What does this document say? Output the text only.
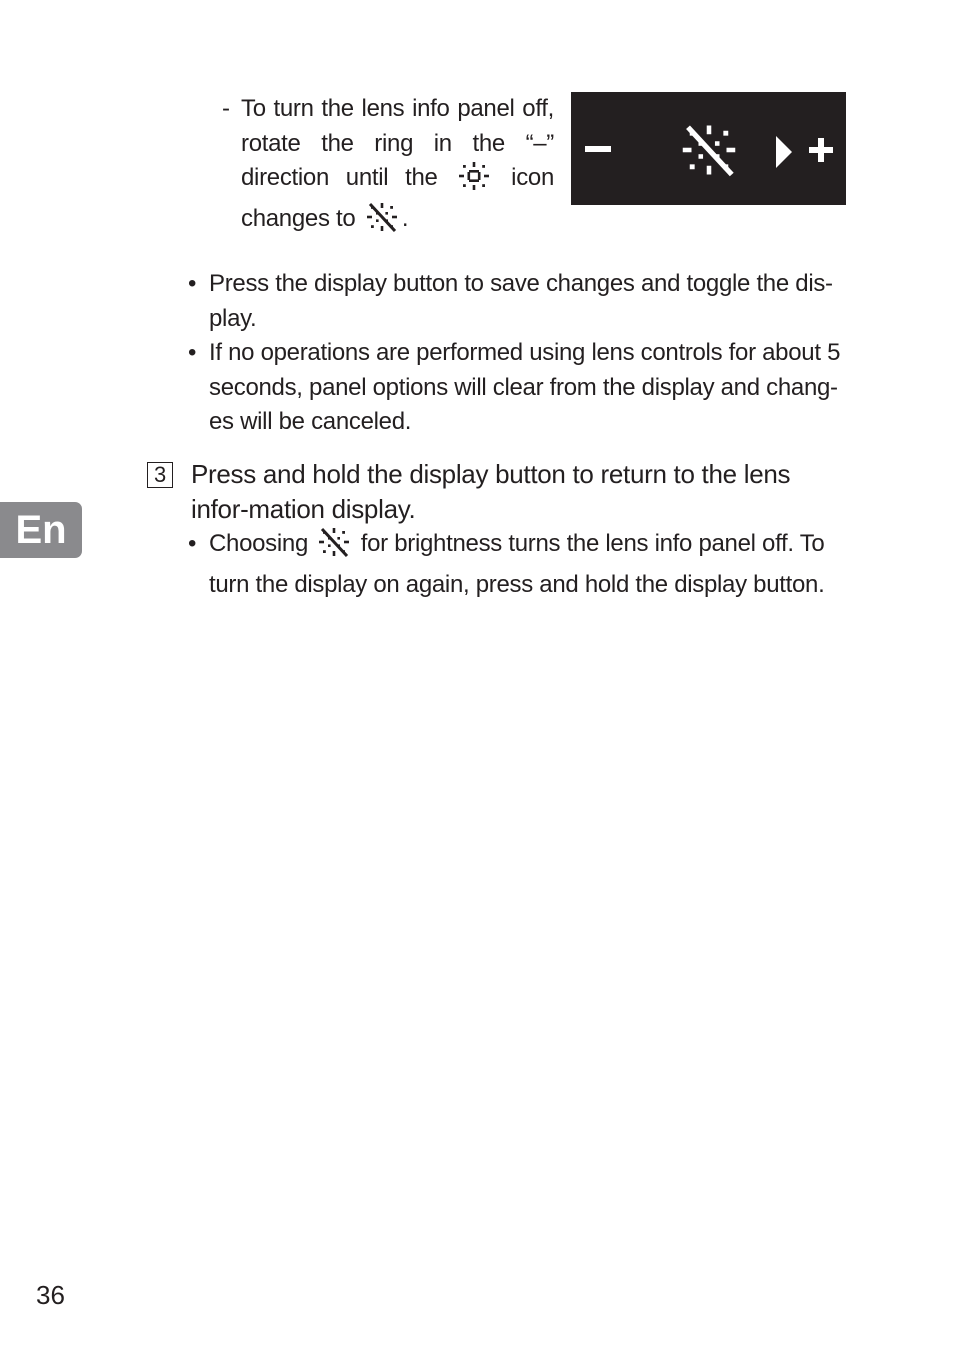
- To turn the lens info panel off, rotate the ring in the “–” direction until the	icon changes to .
• Press the display button to save changes and toggle the dis-play.
• If no operations are performed using lens controls for about 5 seconds, panel options will clear from the display and chang-es will be canceled.
3 Press and hold the display button to return to the lens infor-mation display.
• Choosing for brightness turns the lens info panel off. To turn the display on again, press and hold the display button.
En
36
